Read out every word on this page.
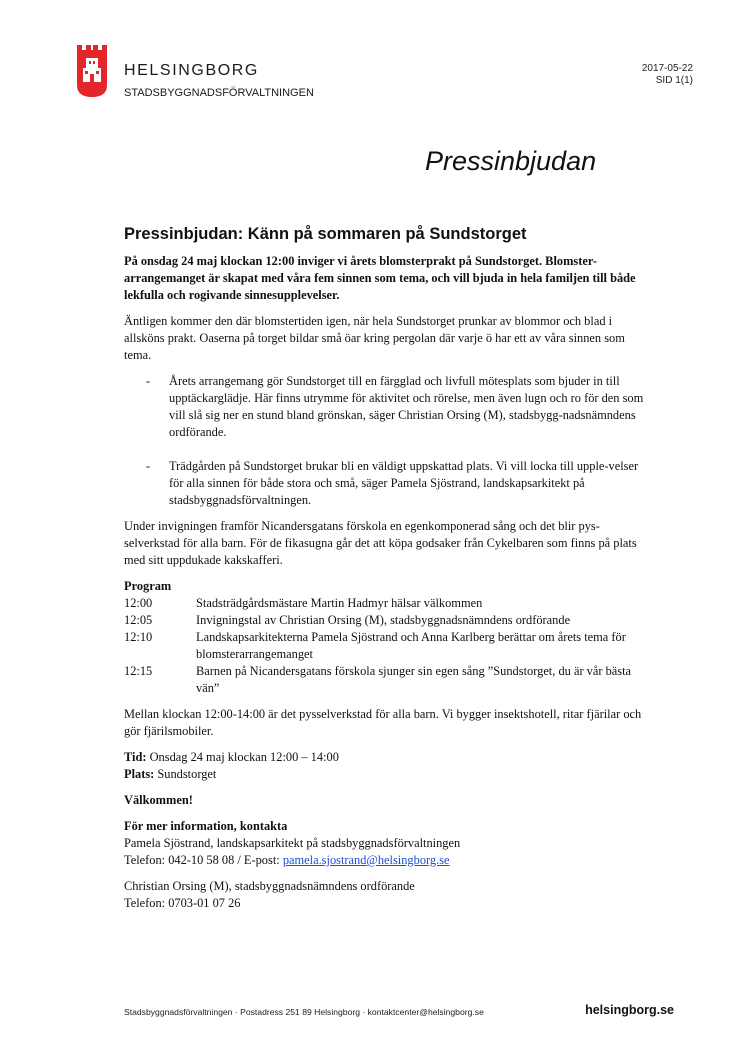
HELSINGBORG
STADSBYGGNADSFÖRVALTNINGEN
2017-05-22
SID 1(1)
Pressinbjudan
Pressinbjudan: Känn på sommaren på Sundstorget

På onsdag 24 maj klockan 12:00 inviger vi årets blomsterprakt på Sundstorget. Blomster-arrangemanget är skapat med våra fem sinnen som tema, och vill bjuda in hela familjen till både lekfulla och rogivande sinnesupplevelser.

Äntligen kommer den där blomstertiden igen, när hela Sundstorget prunkar av blommor och blad i allsköns prakt. Oaserna på torget bildar små öar kring pergolan där varje ö har ett av våra sinnen som tema.

- Årets arrangemang gör Sundstorget till en färgglad och livfull mötesplats som bjuder in till upptäckarglädje. Här finns utrymme för aktivitet och rörelse, men även lugn och ro för den som vill slå sig ner en stund bland grönskan, säger Christian Orsing (M), stadsbygg-nadsnämndens ordförande.
- Trädgården på Sundstorget brukar bli en väldigt uppskattad plats. Vi vill locka till upple-velser för alla sinnen för både stora och små, säger Pamela Sjöstrand, landskapsarkitekt på stadsbyggnadsförvaltningen.

Under invigningen framför Nicandersgatans förskola en egenkomponerad sång och det blir pys-selverkstad för alla barn. För de fikasugna går det att köpa godsaker från Cykelbaren som finns på plats med sitt uppdukade kakskafferi.

Program
12:00	Stadsträdgårdsmästare Martin Hadmyr hälsar välkommen
12:05	Invigningstal av Christian Orsing (M), stadsbyggnadsnämndens ordförande
12:10	Landskapsarkitekterna Pamela Sjöstrand och Anna Karlberg berättar om årets tema för blomsterarrangemanget
12:15	Barnen på Nicandersgatans förskola sjunger sin egen sång ”Sundstorget, du är vår bästa vän”

Mellan klockan 12:00-14:00 är det pysselverkstad för alla barn. Vi bygger insektshotell, ritar fjärilar och gör fjärilsmobiler.

Tid: Onsdag 24 maj klockan 12:00 – 14:00
Plats: Sundstorget

Välkommen!

För mer information, kontakta
Pamela Sjöstrand, landskapsarkitekt på stadsbyggnadsförvaltningen
Telefon: 042-10 58 08 / E-post: pamela.sjostrand@helsingborg.se
Christian Orsing (M), stadsbyggnadsnämndens ordförande
Telefon: 0703-01 07 26
Stadsbyggnadsförvaltningen · Postadress 251 89 Helsingborg · kontaktcenter@helsingborg.se	helsingborg.se
